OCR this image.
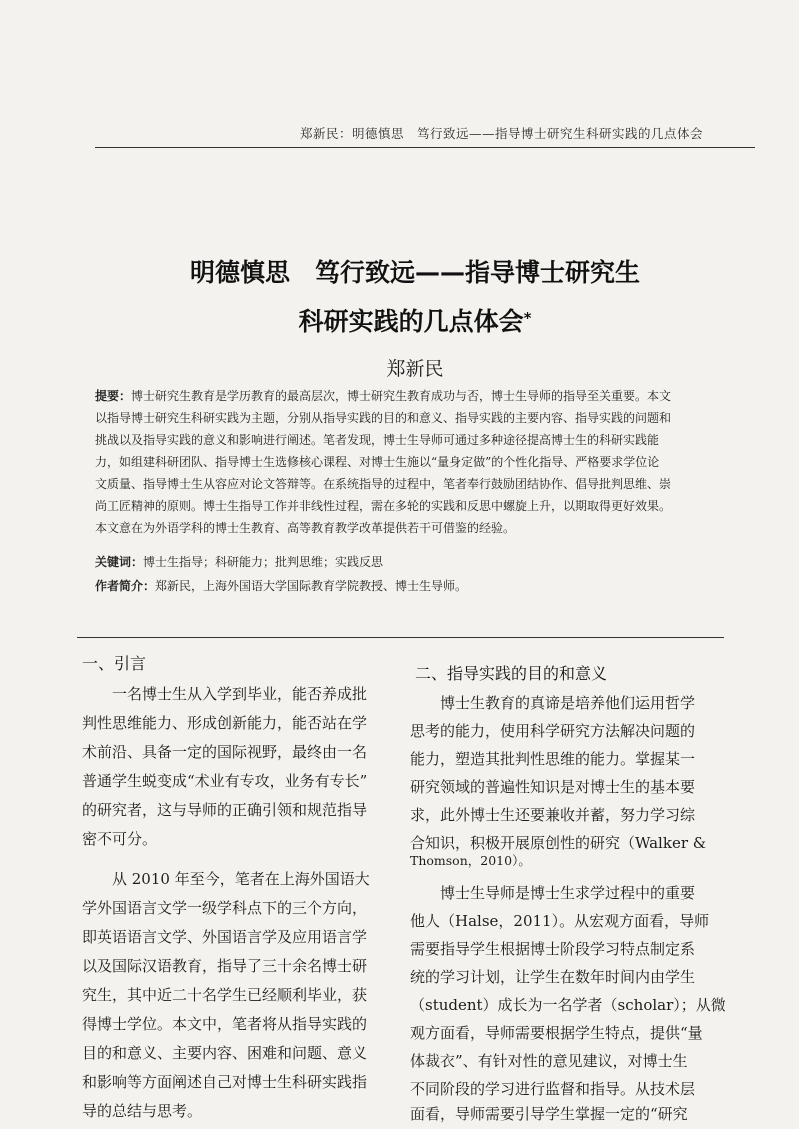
郑新民：明德慎思　笃行致远——指导博士研究生科研实践的几点体会
明德慎思　笃行致远——指导博士研究生
科研实践的几点体会*
郑新民
提要：博士研究生教育是学历教育的最高层次，博士研究生教育成功与否，博士生导师的指导至关重要。本文
以指导博士研究生科研实践为主题，分别从指导实践的目的和意义、指导实践的主要内容、指导实践的问题和
挑战以及指导实践的意义和影响进行阐述。笔者发现，博士生导师可通过多种途径提高博士生的科研实践能
力，如组建科研团队、指导博士生选修核心课程、对博士生施以“量身定做”的个性化指导、严格要求学位论
文质量、指导博士生从容应对论文答辩等。在系统指导的过程中，笔者奉行鼓励团结协作、倡导批判思维、崇
尚工匠精神的原则。博士生指导工作并非线性过程，需在多轮的实践和反思中螺旋上升，以期取得更好效果。
本文意在为外语学科的博士生教育、高等教育教学改革提供若干可借鉴的经验。
关键词：博士生指导；科研能力；批判思维；实践反思
作者简介：郑新民，上海外国语大学国际教育学院教授、博士生导师。
一、引言
　　一名博士生从入学到毕业，能否养成批
判性思维能力、形成创新能力，能否站在学
术前沿、具备一定的国际视野，最终由一名
普通学生蜕变成“术业有专攻，业务有专长”
的研究者，这与导师的正确引领和规范指导
密不可分。
　　从 2010 年至今，笔者在上海外国语大
学外国语言文学一级学科点下的三个方向，
即英语语言文学、外国语言学及应用语言学
以及国际汉语教育，指导了三十余名博士研
究生，其中近二十名学生已经顺利毕业，获
得博士学位。本文中，笔者将从指导实践的
目的和意义、主要内容、困难和问题、意义
和影响等方面阐述自己对博士生科研实践指
导的总结与思考。
二、指导实践的目的和意义
　　博士生教育的真谛是培养他们运用哲学
思考的能力，使用科学研究方法解决问题的
能力，塑造其批判性思维的能力。掌握某一
研究领域的普遍性知识是对博士生的基本要
求，此外博士生还要兼收并蓄，努力学习综
合知识，积极开展原创性的研究（Walker &
Thomson，2010）。
　　博士生导师是博士生求学过程中的重要
他人（Halse，2011）。从宏观方面看，导师
需要指导学生根据博士阶段学习特点制定系
统的学习计划，让学生在数年时间内由学生
（student）成长为一名学者（scholar）；从微
观方面看，导师需要根据学生特点，提供“量
体裁衣”、有针对性的意见建议，对博士生
不同阶段的学习进行监督和指导。从技术层
面看，导师需要引导学生掌握一定的“研究
